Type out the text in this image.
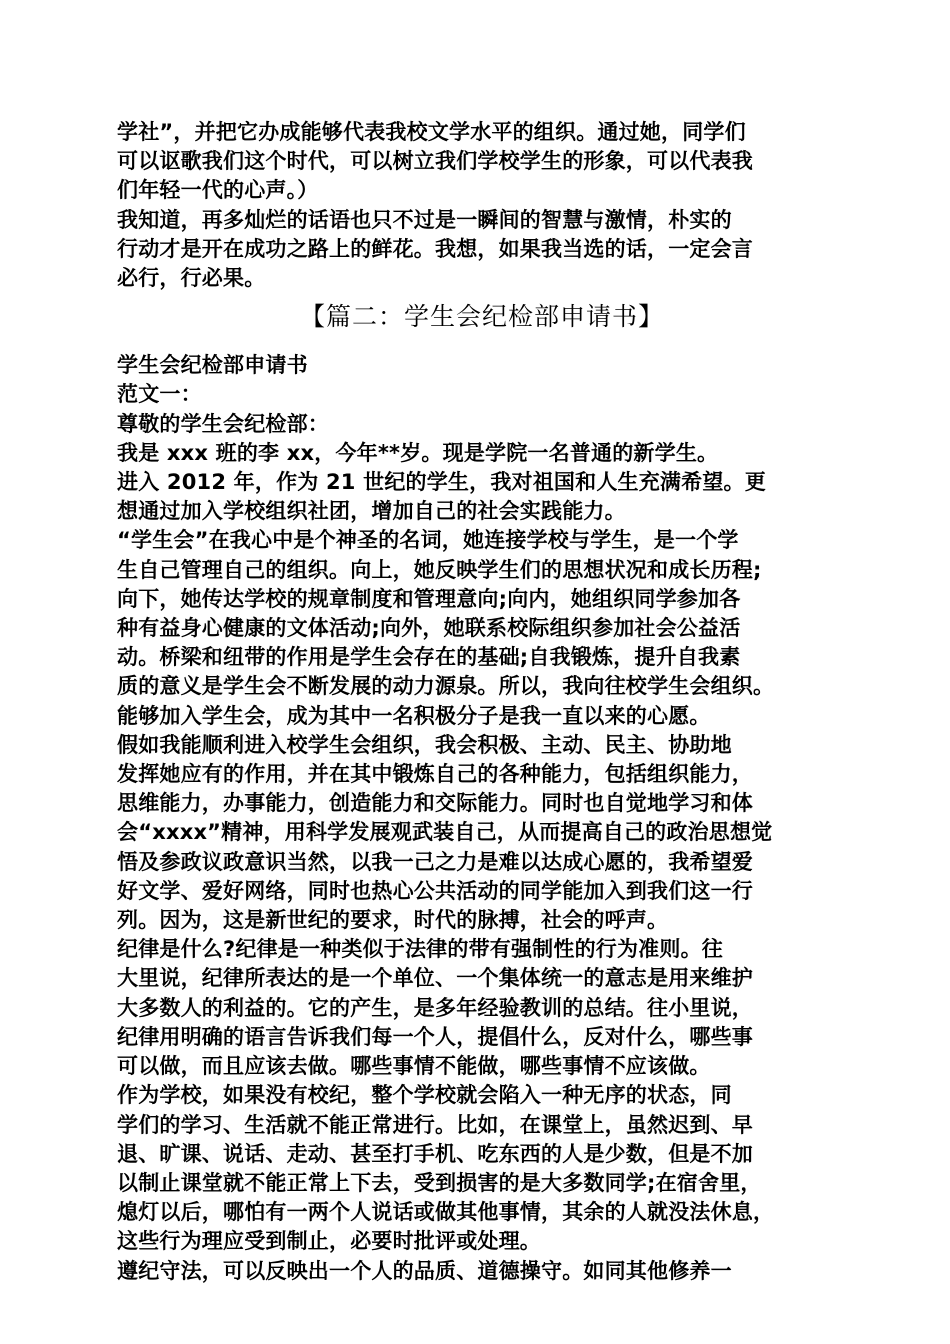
学社”，并把它办成能够代表我校文学水平的组织。通过她，同学们
可以讴歌我们这个时代，可以树立我们学校学生的形象，可以代表我
们年轻一代的心声。）

我知道，再多灿烂的话语也只不过是一瞬间的智慧与激情，朴实的
行动才是开在成功之路上的鲜花。我想，如果我当选的话，一定会言
必行，行必果。

【篇二：学生会纪检部申请书】

学生会纪检部申请书

范文一：

尊敬的学生会纪检部：

我是 xxx 班的李 xx，今年**岁。现是学院一名普通的新学生。

进入 2012 年，作为 21 世纪的学生，我对祖国和人生充满希望。更
想通过加入学校组织社团，增加自己的社会实践能力。

“学生会”在我心中是个神圣的名词，她连接学校与学生，是一个学
生自己管理自己的组织。向上，她反映学生们的思想状况和成长历程;
向下，她传达学校的规章制度和管理意向;向内，她组织同学参加各
种有益身心健康的文体活动;向外，她联系校际组织参加社会公益活
动。桥梁和纽带的作用是学生会存在的基础;自我锻炼，提升自我素
质的意义是学生会不断发展的动力源泉。所以，我向往校学生会组织。
能够加入学生会，成为其中一名积极分子是我一直以来的心愿。

假如我能顺利进入校学生会组织，我会积极、主动、民主、协助地
发挥她应有的作用，并在其中锻炼自己的各种能力，包括组织能力，
思维能力，办事能力，创造能力和交际能力。同时也自觉地学习和体
会“xxxx”精神，用科学发展观武装自己，从而提高自己的政治思想觉
悟及参政议政意识当然，以我一己之力是难以达成心愿的，我希望爱
好文学、爱好网络，同时也热心公共活动的同学能加入到我们这一行
列。因为，这是新世纪的要求，时代的脉搏，社会的呼声。

纪律是什么?纪律是一种类似于法律的带有强制性的行为准则。往
大里说，纪律所表达的是一个单位、一个集体统一的意志是用来维护
大多数人的利益的。它的产生，是多年经验教训的总结。往小里说，
纪律用明确的语言告诉我们每一个人，提倡什么，反对什么，哪些事
可以做，而且应该去做。哪些事情不能做，哪些事情不应该做。

作为学校，如果没有校纪，整个学校就会陷入一种无序的状态，同
学们的学习、生活就不能正常进行。比如，在课堂上，虽然迟到、早
退、旷课、说话、走动、甚至打手机、吃东西的人是少数，但是不加
以制止课堂就不能正常上下去，受到损害的是大多数同学;在宿舍里，
熄灯以后，哪怕有一两个人说话或做其他事情，其余的人就没法休息，
这些行为理应受到制止，必要时批评或处理。

遵纪守法，可以反映出一个人的品质、道德操守。如同其他修养一
